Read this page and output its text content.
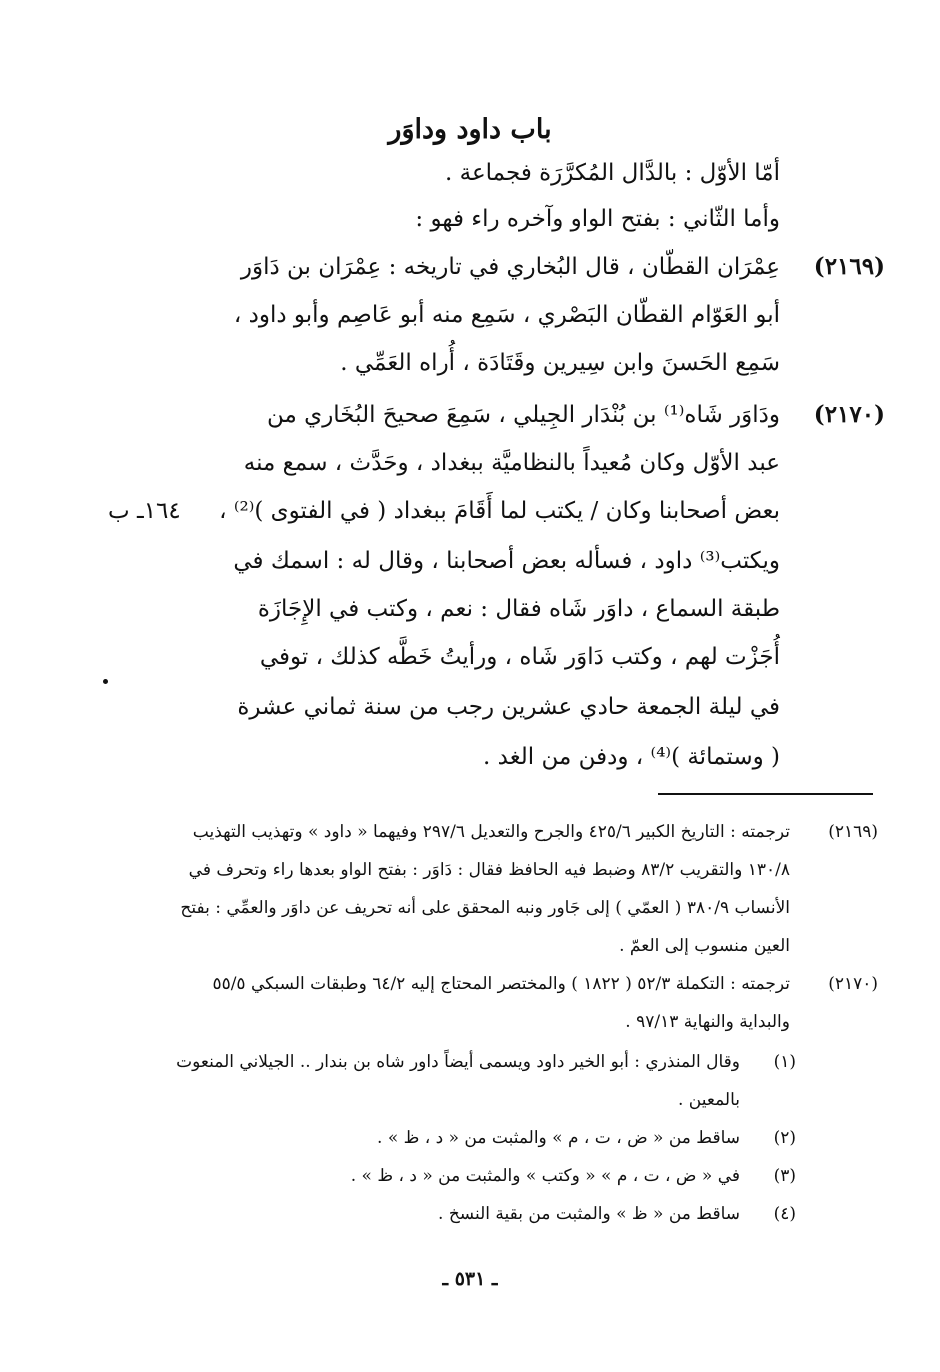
باب داود وداوَر
أمّا الأوّل : بالدَّال المُكرَّرَة فجماعة .
وأما الثّاني : بفتح الواو وآخره راء فهو :
(٢١٦٩)
عِمْرَان القطّان ، قال البُخاري في تاريخه : عِمْرَان بن دَاوَر
أبو العَوّام القطّان البَصْري ، سَمِع منه أبو عَاصِم وأبو داود ،
سَمِع الحَسنَ وابن سِيرين وقَتَادَة ، أُراه العَمِّي .
(٢١٧٠)
ودَاوَر شَاه⁽¹⁾ بن بُنْدَار الجِيلي ، سَمِعَ صحيحَ البُخَاري من
عبد الأوّل وكان مُعيداً بالنظاميَّة ببغداد ، وحَدَّث ، سمع منه
بعض أصحابنا وكان / يكتب لما أَقَامَ ببغداد ( في الفتوى )⁽²⁾ ،
١٦٤ـ ب
ويكتب⁽³⁾ داود ، فسأله بعض أصحابنا ، وقال له : اسمك في
طبقة السماع ، داوَر شَاه فقال : نعم ، وكتب في الإِجَازَة
أُجَزْت لهم ، وكتب دَاوَر شَاه ، ورأيتُ خَطَّه كذلك ، توفي
في ليلة الجمعة حادي عشرين رجب من سنة ثماني عشرة
( وستمائة )⁽⁴⁾ ، ودفن من الغد .
(٢١٦٩)
ترجمته : التاريخ الكبير ٤٢٥/٦ والجرح والتعديل ٢٩٧/٦ وفيهما « داود » وتهذيب التهذيب
١٣٠/٨ والتقريب ٨٣/٢ وضبط فيه الحافظ فقال : دَاوَر : بفتح الواو بعدها راء وتحرف في
الأنساب ٣٨٠/٩ ( العمّي ) إلى جَاور ونبه المحقق على أنه تحريف عن داوَر والعمِّي : بفتح
العين منسوب إلى العمّ .
(٢١٧٠)
ترجمته : التكملة ٥٢/٣ ( ١٨٢٢ ) والمختصر المحتاج إليه ٦٤/٢ وطبقات السبكي ٥٥/٥
والبداية والنهاية ٩٧/١٣ .
(١)
وقال المنذري : أبو الخير داود ويسمى أيضاً داور شاه بن بندار .. الجيلاني المنعوت
بالمعين .
(٢)
ساقط من « ض ، ت ، م » والمثبت من « د ، ظ » .
(٣)
في « ض ، ت ، م » « وكتب » والمثبت من « د ، ظ » .
(٤)
ساقط من « ظ » والمثبت من بقية النسخ .
ـ ٥٣١ ـ
